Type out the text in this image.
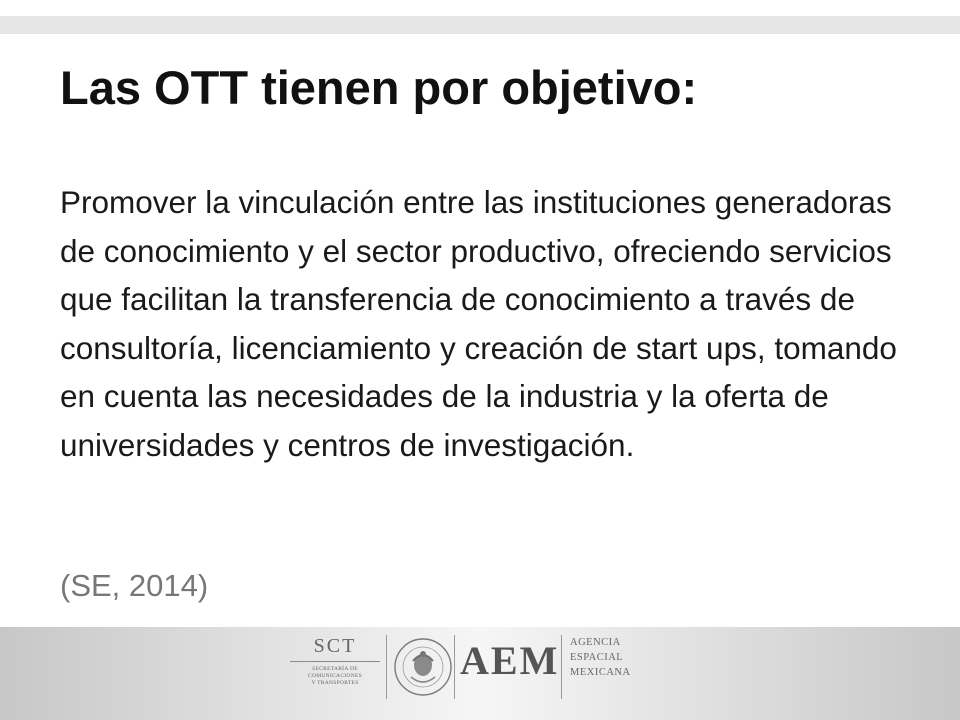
Las OTT tienen por objetivo:

Promover la vinculación entre las instituciones generadoras de conocimiento y el sector productivo, ofreciendo servicios que facilitan la transferencia de conocimiento a través de consultoría, licenciamiento y creación de start ups, tomando en cuenta las necesidades de la industria y la oferta de universidades y centros de investigación.

(SE, 2014)

SCT
SECRETARÍA DE
COMUNICACIONES
Y TRANSPORTES	AEM AGENCIA
ESPACIAL
MEXICANA
